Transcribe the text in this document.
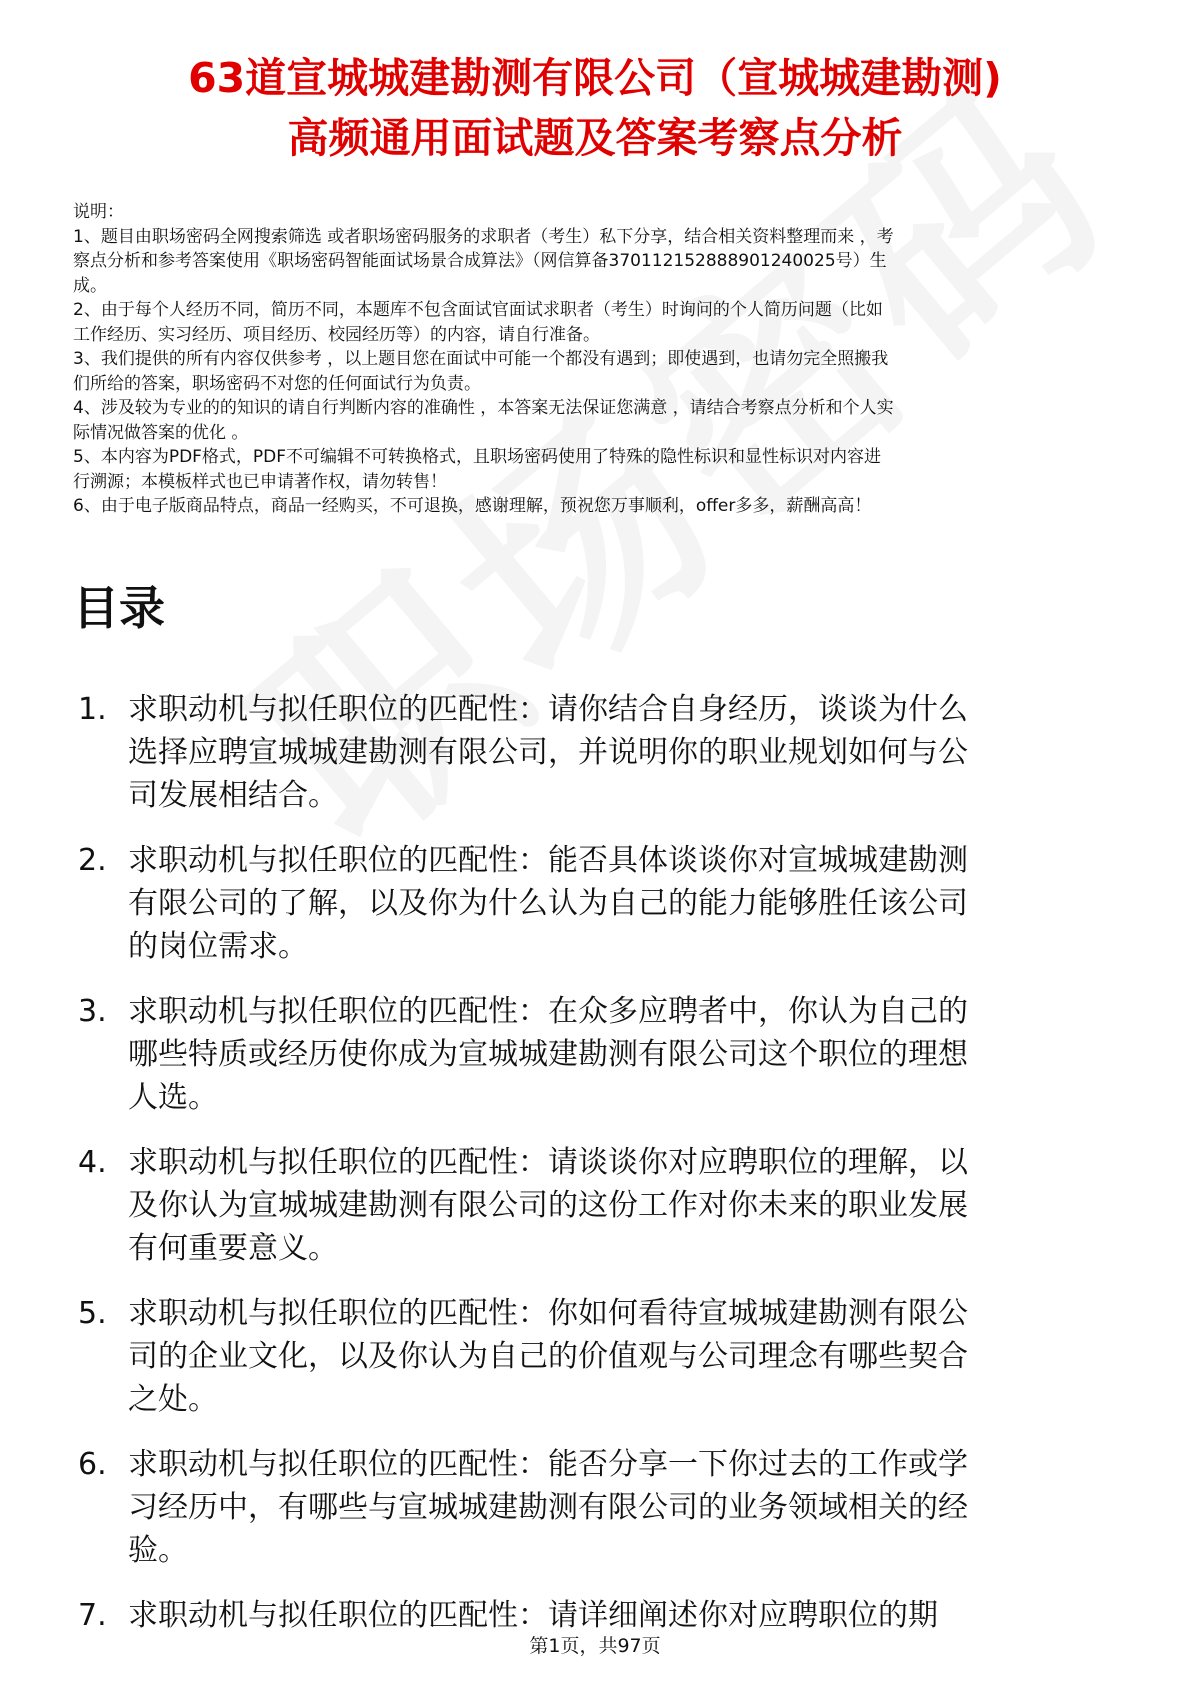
63道宣城城建勘测有限公司（宣城城建勘测)
高频通用面试题及答案考察点分析
说明：
1、题目由职场密码全网搜索筛选 或者职场密码服务的求职者（考生）私下分享，结合相关资料整理而来 ，考
察点分析和参考答案使用《职场密码智能面试场景合成算法》（网信算备370112152888901240025号）生
成。
2、由于每个人经历不同，简历不同，本题库不包含面试官面试求职者（考生）时询问的个人简历问题（比如
工作经历、实习经历、项目经历、校园经历等）的内容，请自行准备。
3、我们提供的所有内容仅供参考 ，以上题目您在面试中可能一个都没有遇到；即使遇到，也请勿完全照搬我
们所给的答案，职场密码不对您的任何面试行为负责。
4、涉及较为专业的的知识的请自行判断内容的准确性 ，本答案无法保证您满意 ，请结合考察点分析和个人实
际情况做答案的优化 。
5、本内容为PDF格式，PDF不可编辑不可转换格式，且职场密码使用了特殊的隐性标识和显性标识对内容进
行溯源；本模板样式也已申请著作权，请勿转售！
6、由于电子版商品特点，商品一经购买，不可退换，感谢理解，预祝您万事顺利，offer多多，薪酬高高！
目录
1. 求职动机与拟任职位的匹配性：请你结合自身经历，谈谈为什么
选择应聘宣城城建勘测有限公司，并说明你的职业规划如何与公
司发展相结合。
2. 求职动机与拟任职位的匹配性：能否具体谈谈你对宣城城建勘测
有限公司的了解，以及你为什么认为自己的能力能够胜任该公司
的岗位需求。
3. 求职动机与拟任职位的匹配性：在众多应聘者中，你认为自己的
哪些特质或经历使你成为宣城城建勘测有限公司这个职位的理想
人选。
4. 求职动机与拟任职位的匹配性：请谈谈你对应聘职位的理解，以
及你认为宣城城建勘测有限公司的这份工作对你未来的职业发展
有何重要意义。
5. 求职动机与拟任职位的匹配性：你如何看待宣城城建勘测有限公
司的企业文化，以及你认为自己的价值观与公司理念有哪些契合
之处。
6. 求职动机与拟任职位的匹配性：能否分享一下你过去的工作或学
习经历中，有哪些与宣城城建勘测有限公司的业务领域相关的经
验。
7. 求职动机与拟任职位的匹配性：请详细阐述你对应聘职位的期
第1页，共97页
